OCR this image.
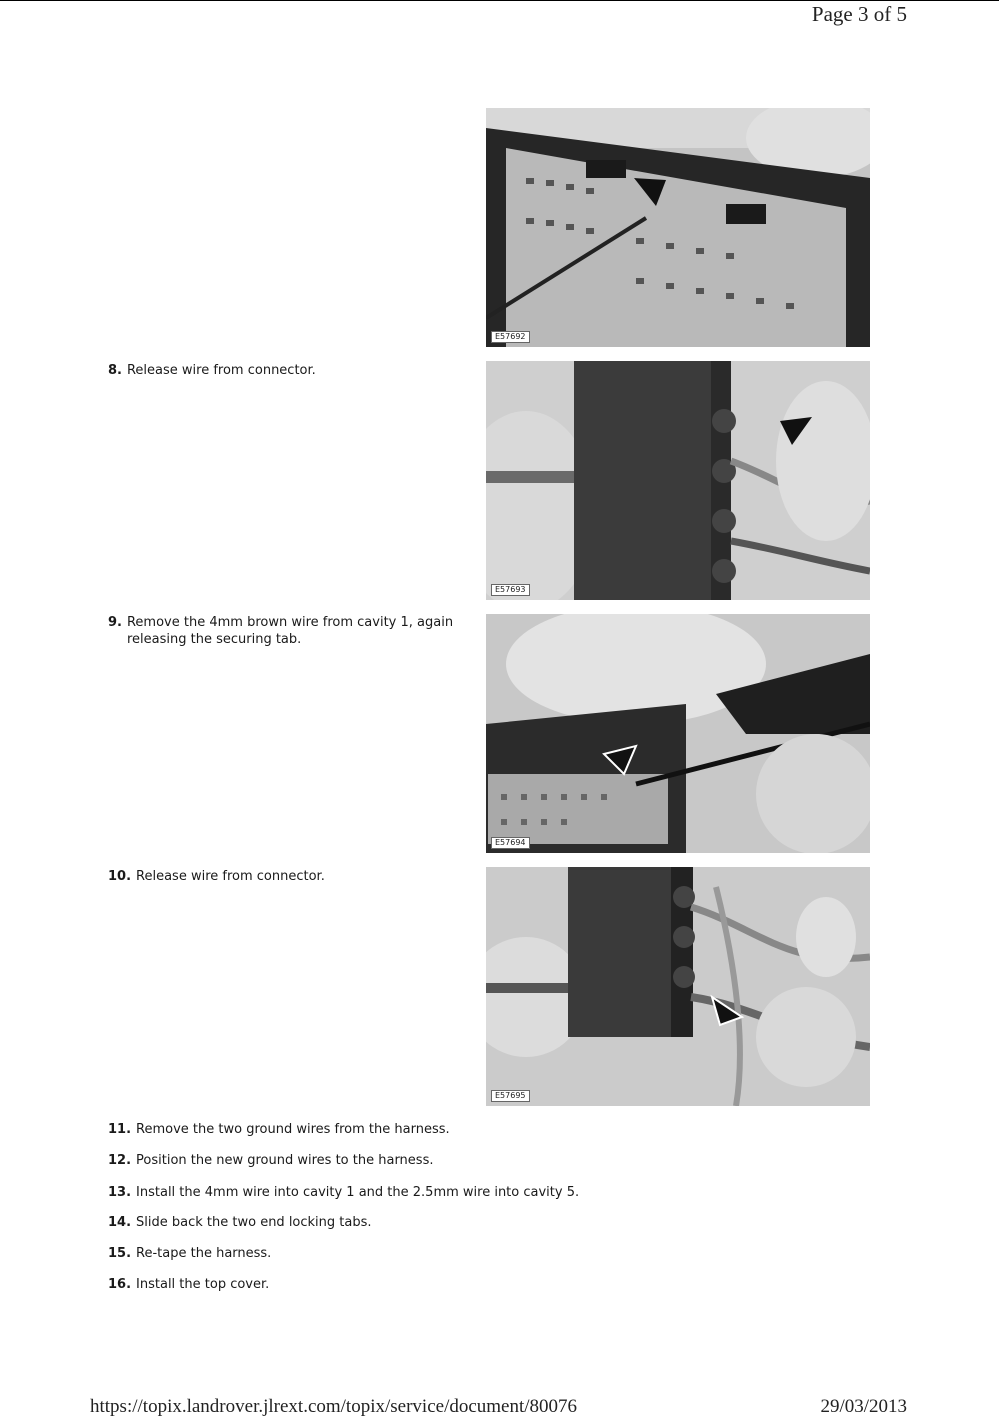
Page 3 of 5
E57692
E57693
E57694
E57695
8. Release wire from connector.
9. Remove the 4mm brown wire from cavity 1, again releasing the securing tab.
10. Release wire from connector.
11. Remove the two ground wires from the harness.
12. Position the new ground wires to the harness.
13. Install the 4mm wire into cavity 1 and the 2.5mm wire into cavity 5.
14. Slide back the two end locking tabs.
15. Re-tape the harness.
16. Install the top cover.
https://topix.landrover.jlrext.com/topix/service/document/80076	29/03/2013
